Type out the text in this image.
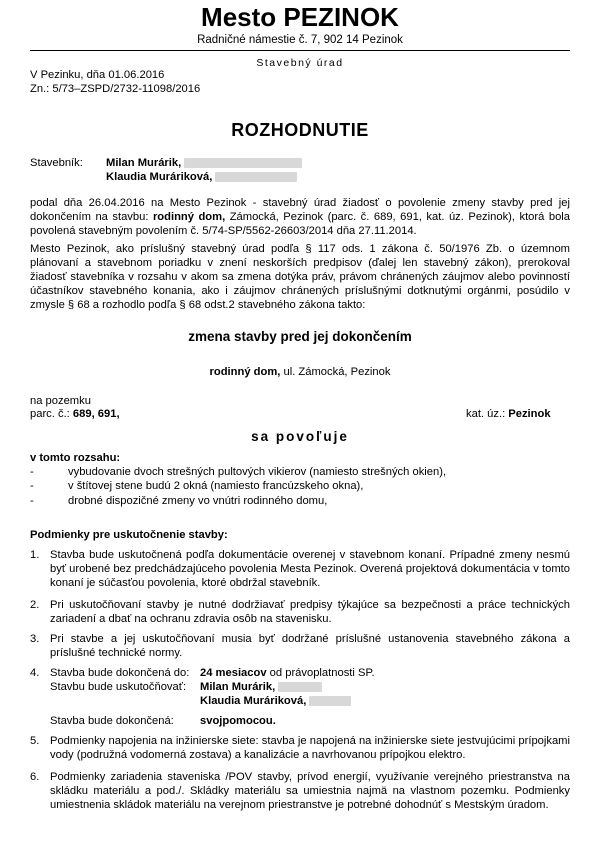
Mesto PEZINOK
Radničné námestie č. 7, 902 14 Pezinok
Stavebný úrad
V Pezinku, dňa 01.06.2016
Zn.: 5/73–ZSPD/2732-11098/2016
ROZHODNUTIE
Stavebník: Milan Murárik,
Klaudia Muráriková,
podal dňa 26.04.2016 na Mesto Pezinok - stavebný úrad žiadosť o povolenie zmeny stavby pred jej dokončením na stavbu: rodinný dom, Zámocká, Pezinok (parc. č. 689, 691, kat. úz. Pezinok), ktorá bola povolená stavebným povolením č. 5/74-SP/5562-26603/2014 dňa 27.11.2014.
Mesto Pezinok, ako príslušný stavebný úrad podľa § 117 ods. 1 zákona č. 50/1976 Zb. o územnom plánovaní a stavebnom poriadku v znení neskorších predpisov (ďalej len stavebný zákon), prerokoval žiadosť stavebníka v rozsahu v akom sa zmena dotýka práv, právom chránených záujmov alebo povinností účastníkov stavebného konania, ako i záujmov chránených príslušnými dotknutými orgánmi, posúdilo v zmysle § 68 a rozhodlo podľa § 68 odst.2 stavebného zákona takto:
zmena stavby pred jej dokončením
rodinný dom, ul. Zámocká, Pezinok
na pozemku
parc. č.: 689, 691,	kat. úz.: Pezinok
sa povoľuje
v tomto rozsahu:
-	vybudovanie dvoch strešných pultových vikierov (namiesto strešných okien),
-	v štítovej stene budú 2 okná (namiesto francúzskeho okna),
-	drobné dispozičné zmeny vo vnútri rodinného domu,
Podmienky pre uskutočnenie stavby:
1. Stavba bude uskutočnená podľa dokumentácie overenej v stavebnom konaní. Prípadné zmeny nesmú byť urobené bez predchádzajúceho povolenia Mesta Pezinok. Overená projektová dokumentácia v tomto konaní je súčasťou povolenia, ktoré obdržal stavebník.
2. Pri uskutočňovaní stavby je nutné dodržiavať predpisy týkajúce sa bezpečnosti a práce technických zariadení a dbať na ochranu zdravia osôb na stavenisku.
3. Pri stavbe a jej uskutočňovaní musia byť dodržané príslušné ustanovenia stavebného zákona a príslušné technické normy.
4. Stavba bude dokončená do: 24 mesiacov od právoplatnosti SP.
Stavbu bude uskutočňovať: Milan Murárik,
Klaudia Muráriková,
Stavba bude dokončená: svojpomocou.
5. Podmienky napojenia na inžinierske siete: stavba je napojená na inžinierske siete jestvujúcimi prípojkami vody (podružná vodomerná zostava) a kanalizácie a navrhovanou prípojkou elektro.
6. Podmienky zariadenia staveniska /POV stavby, prívod energií, využívanie verejného priestranstva na skládku materiálu a pod./. Skládky materiálu sa umiestnia najmä na vlastnom pozemku. Podmienky umiestnenia skládok materiálu na verejnom priestranstve je potrebné dohodnúť s Mestským úradom.
